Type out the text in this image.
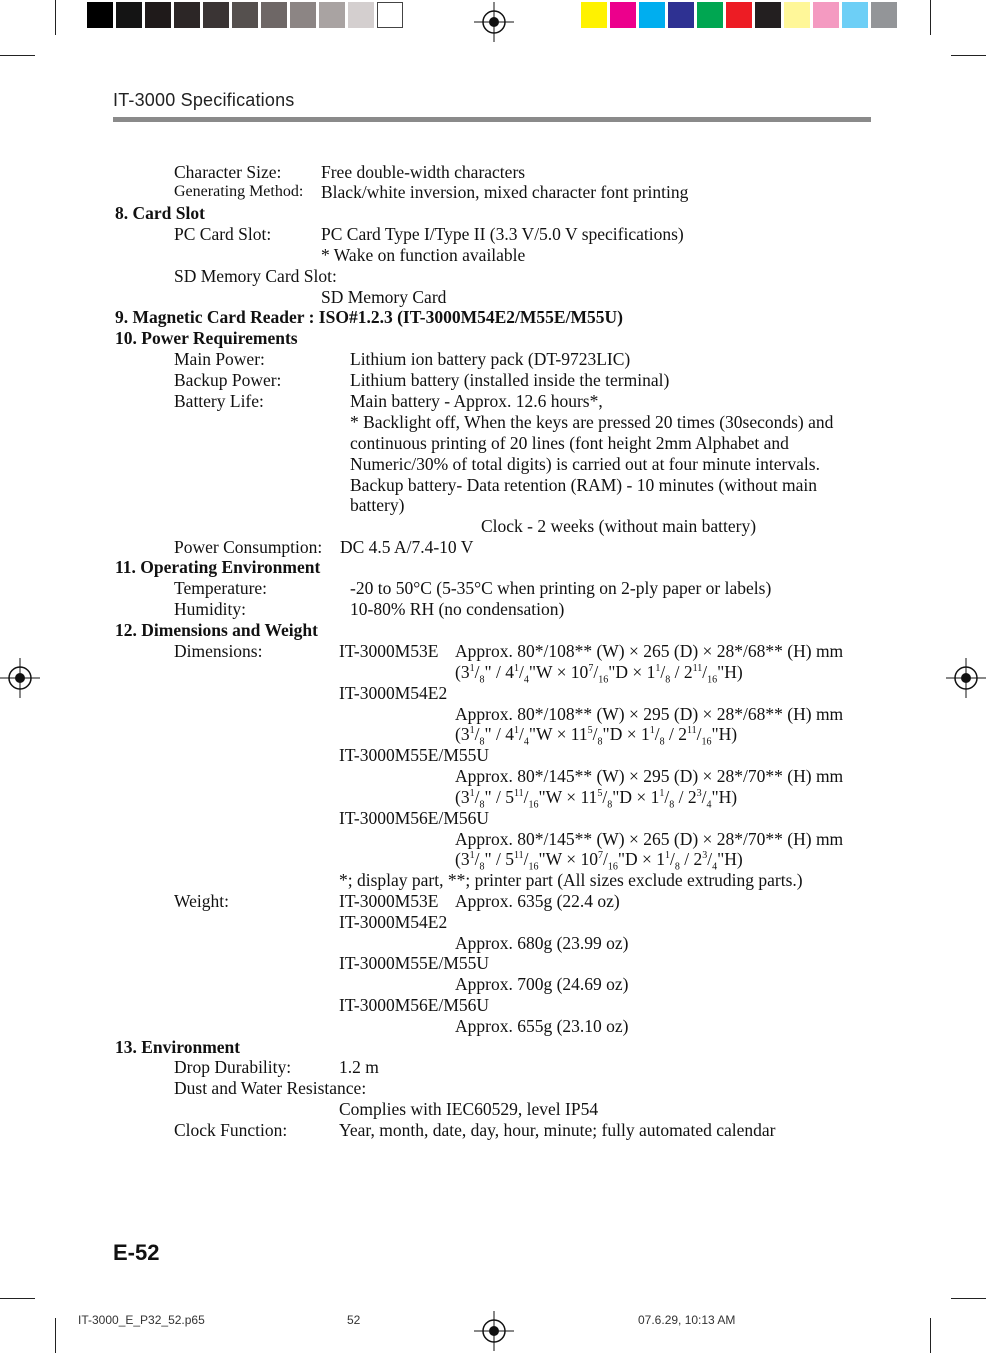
IT-3000 Specifications
Character Size: Free double-width characters
Generating Method: Black/white inversion, mixed character font printing
8. Card Slot
PC Card Slot:	PC Card Type I/Type II (3.3 V/5.0 V specifications)
* Wake on function available
SD Memory Card Slot:
SD Memory Card
9. Magnetic Card Reader : ISO#1.2.3 (IT-3000M54E2/M55E/M55U)
10. Power Requirements
Main Power:	Lithium ion battery pack (DT-9723LIC)
Backup Power:	Lithium battery (installed inside the terminal)
Battery Life:	Main battery - Approx. 12.6 hours*,
* Backlight off, When the keys are pressed 20 times (30seconds) and
continuous printing of 20 lines (font height 2mm Alphabet and
Numeric/30% of total digits) is carried out at four minute intervals.
Backup battery- Data retention (RAM) - 10 minutes (without main
battery)
Clock - 2 weeks (without main battery)
Power Consumption: DC 4.5 A/7.4-10 V
11. Operating Environment
Temperature:	-20 to 50°C (5-35°C when printing on 2-ply paper or labels)
Humidity:	10-80% RH (no condensation)
12. Dimensions and Weight
Dimensions:	IT-3000M53E Approx. 80*/108** (W) × 265 (D) × 28*/68** (H) mm
($3^1/_8$" / $4^1/_4"W$ × $10^7/_{16}"D \times 1^1/_8$ / $2^{11}/_{16}"H$)
IT-3000M54E2
Approx. 80*/108** (W) × 295 (D) × 28*/68** (H) mm
($3^1/_8$" / $4^1/_4"W$ × $11^5/_8"D \times 1^1/_8$ / $2^{11}/_{16}"H$)
IT-3000M55E/M55U
Approx. 80*/145** (W) × 295 (D) × 28*/70** (H) mm
($3^1/_8$" / $5^{11}/_{16}"W$ × $11^5/_8"D \times 1^1/_8$ / $2^3/_4"H$)
IT-3000M56E/M56U
Approx. 80*/145** (W) × 265 (D) × 28*/70** (H) mm
($3^1/_8$" / $5^{11}/_{16}"W$ × $10^7/_{16}"D \times 1^1/_8$ / $2^3/_4"H$)
*; display part, **; printer part (All sizes exclude extruding parts.)
Weight:	IT-3000M53E Approx. 635g (22.4 oz)
IT-3000M54E2
Approx. 680g (23.99 oz)
IT-3000M55E/M55U
Approx. 700g (24.69 oz)
IT-3000M56E/M56U
Approx. 655g (23.10 oz)
13. Environment
Drop Durability:	1.2 m
Dust and Water Resistance:
Complies with IEC60529, level IP54
Clock Function:	Year, month, date, day, hour, minute; fully automated calendar
E-52
IT-3000_E_P32_52.p65	52	07.6.29, 10:13 AM
